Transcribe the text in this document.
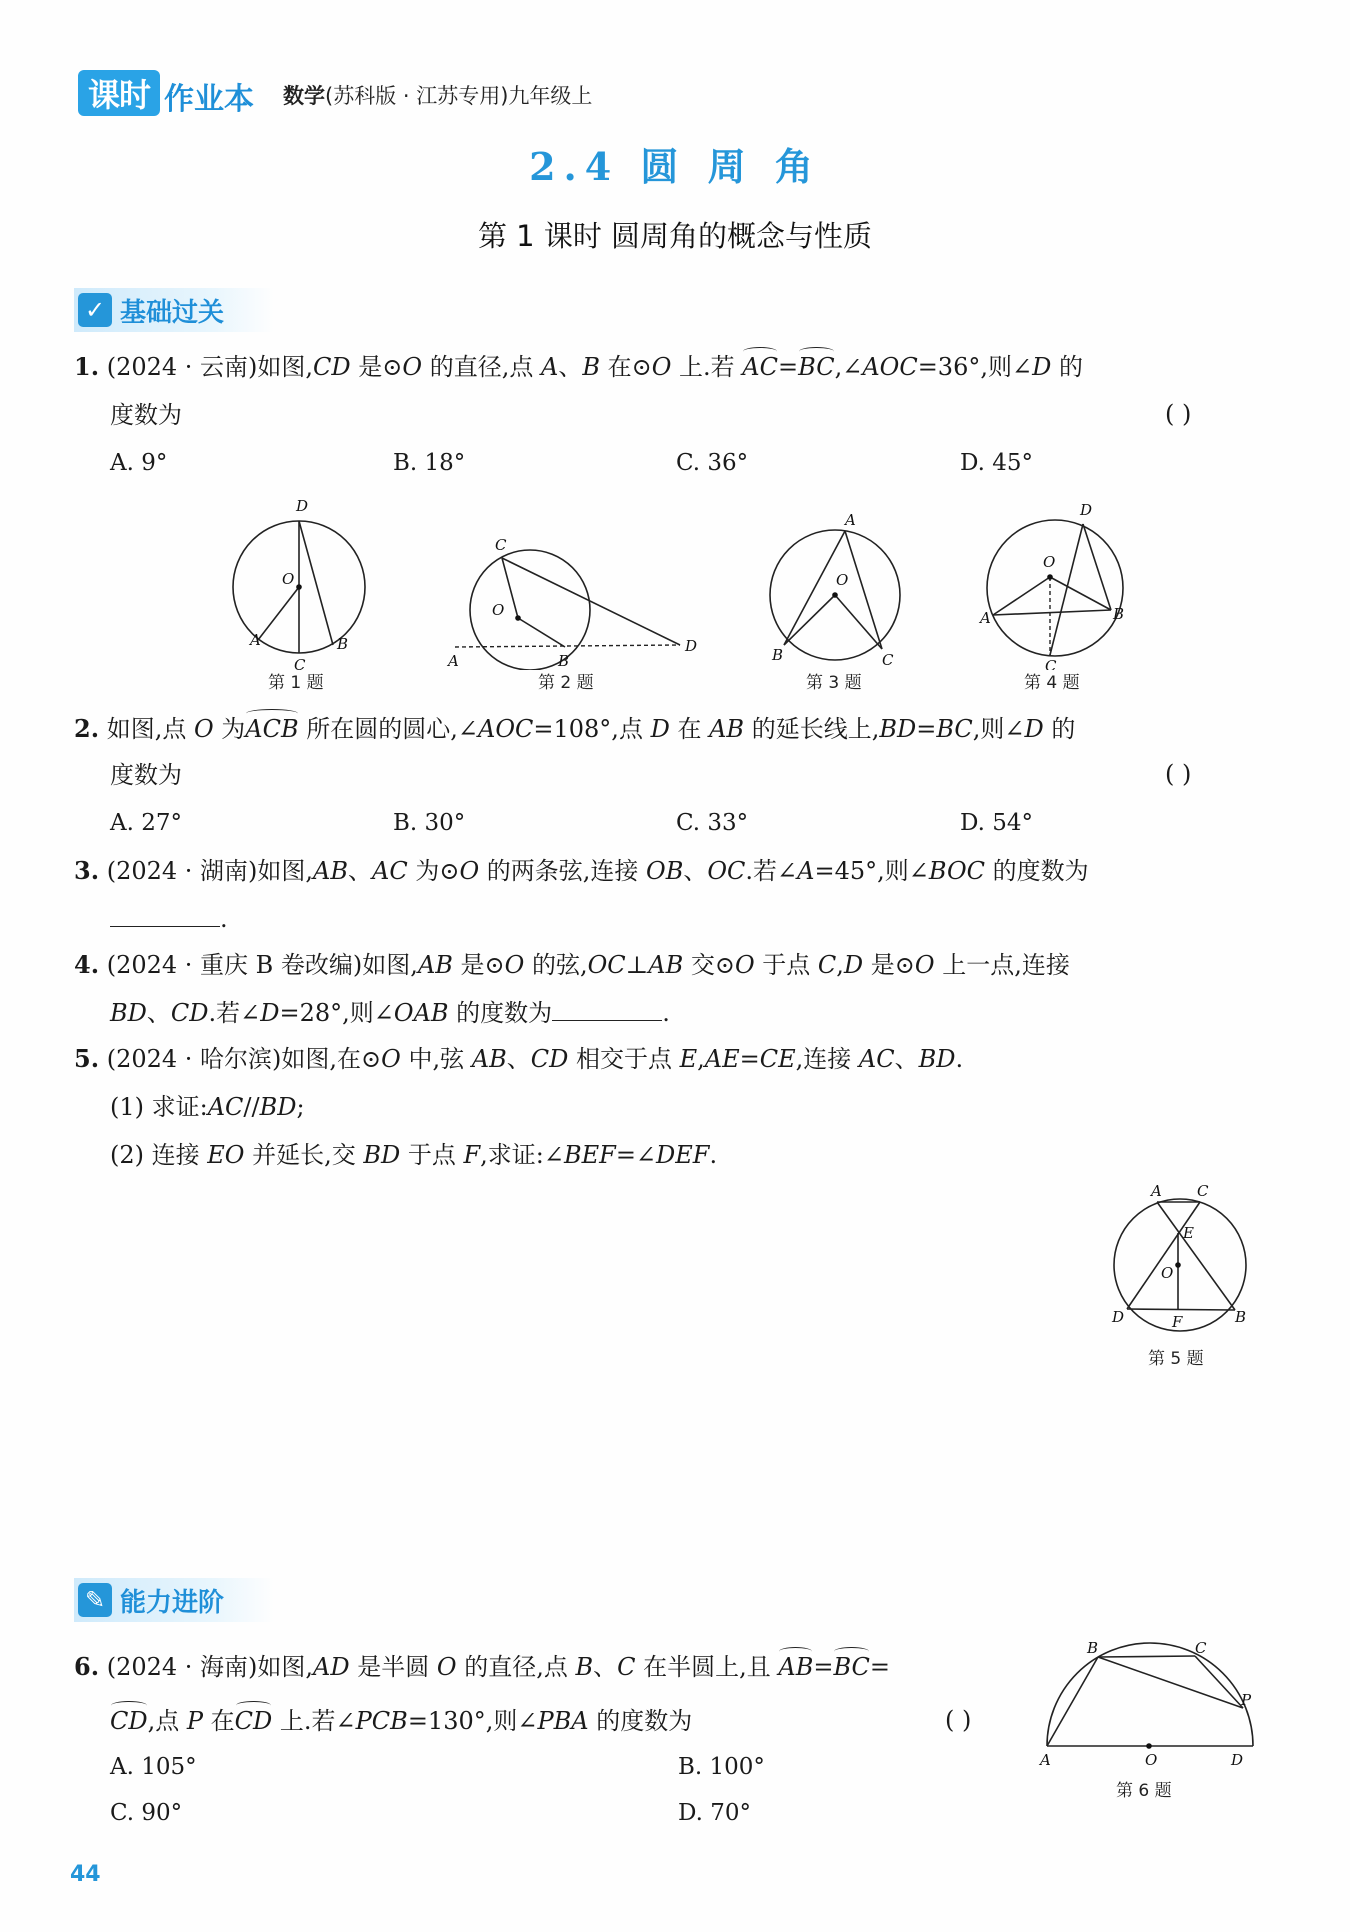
课时 作业本 数学(苏科版 · 江苏专用)九年级上
2.4 圆 周 角
第 1 课时 圆周角的概念与性质
✓ 基础过关
1. (2024 · 云南)如图,CD 是⊙O 的直径,点 A、B 在⊙O 上.若 AC=BC,∠AOC=36°,则∠D 的
度数为	( )
A. 9°	B. 18°	C. 36°	D. 45°
D
O
A
C
B
C
O
A	B
D
A
O
B	C
D
O
A	B
C
第 1 题	第 2 题	第 3 题	第 4 题
2. 如图,点 O 为ACB 所在圆的圆心,∠AOC=108°,点 D 在 AB 的延长线上,BD=BC,则∠D 的
度数为	( )
A. 27°	B. 30°	C. 33°	D. 54°
3. (2024 · 湖南)如图,AB、AC 为⊙O 的两条弦,连接 OB、OC.若∠A=45°,则∠BOC 的度数为
.
4. (2024 · 重庆 B 卷改编)如图,AB 是⊙O 的弦,OC⊥AB 交⊙O 于点 C,D 是⊙O 上一点,连接
BD、CD.若∠D=28°,则∠OAB 的度数为	.
5. (2024 · 哈尔滨)如图,在⊙O 中,弦 AB、CD 相交于点 E,AE=CE,连接 AC、BD.
(1) 求证:AC//BD;
(2) 连接 EO 并延长,交 BD 于点 F,求证:∠BEF=∠DEF.
A C
E
O
D	F	B
第 5 题
✎ 能力进阶
6. (2024 · 海南)如图,AD 是半圆 O 的直径,点 B、C 在半圆上,且 AB=BC=
CD,点 P 在CD 上.若∠PCB=130°,则∠PBA 的度数为	( )
A. 105°	B. 100°
C. 90°	D. 70°
B	C
P
A	O	D
第 6 题
44
